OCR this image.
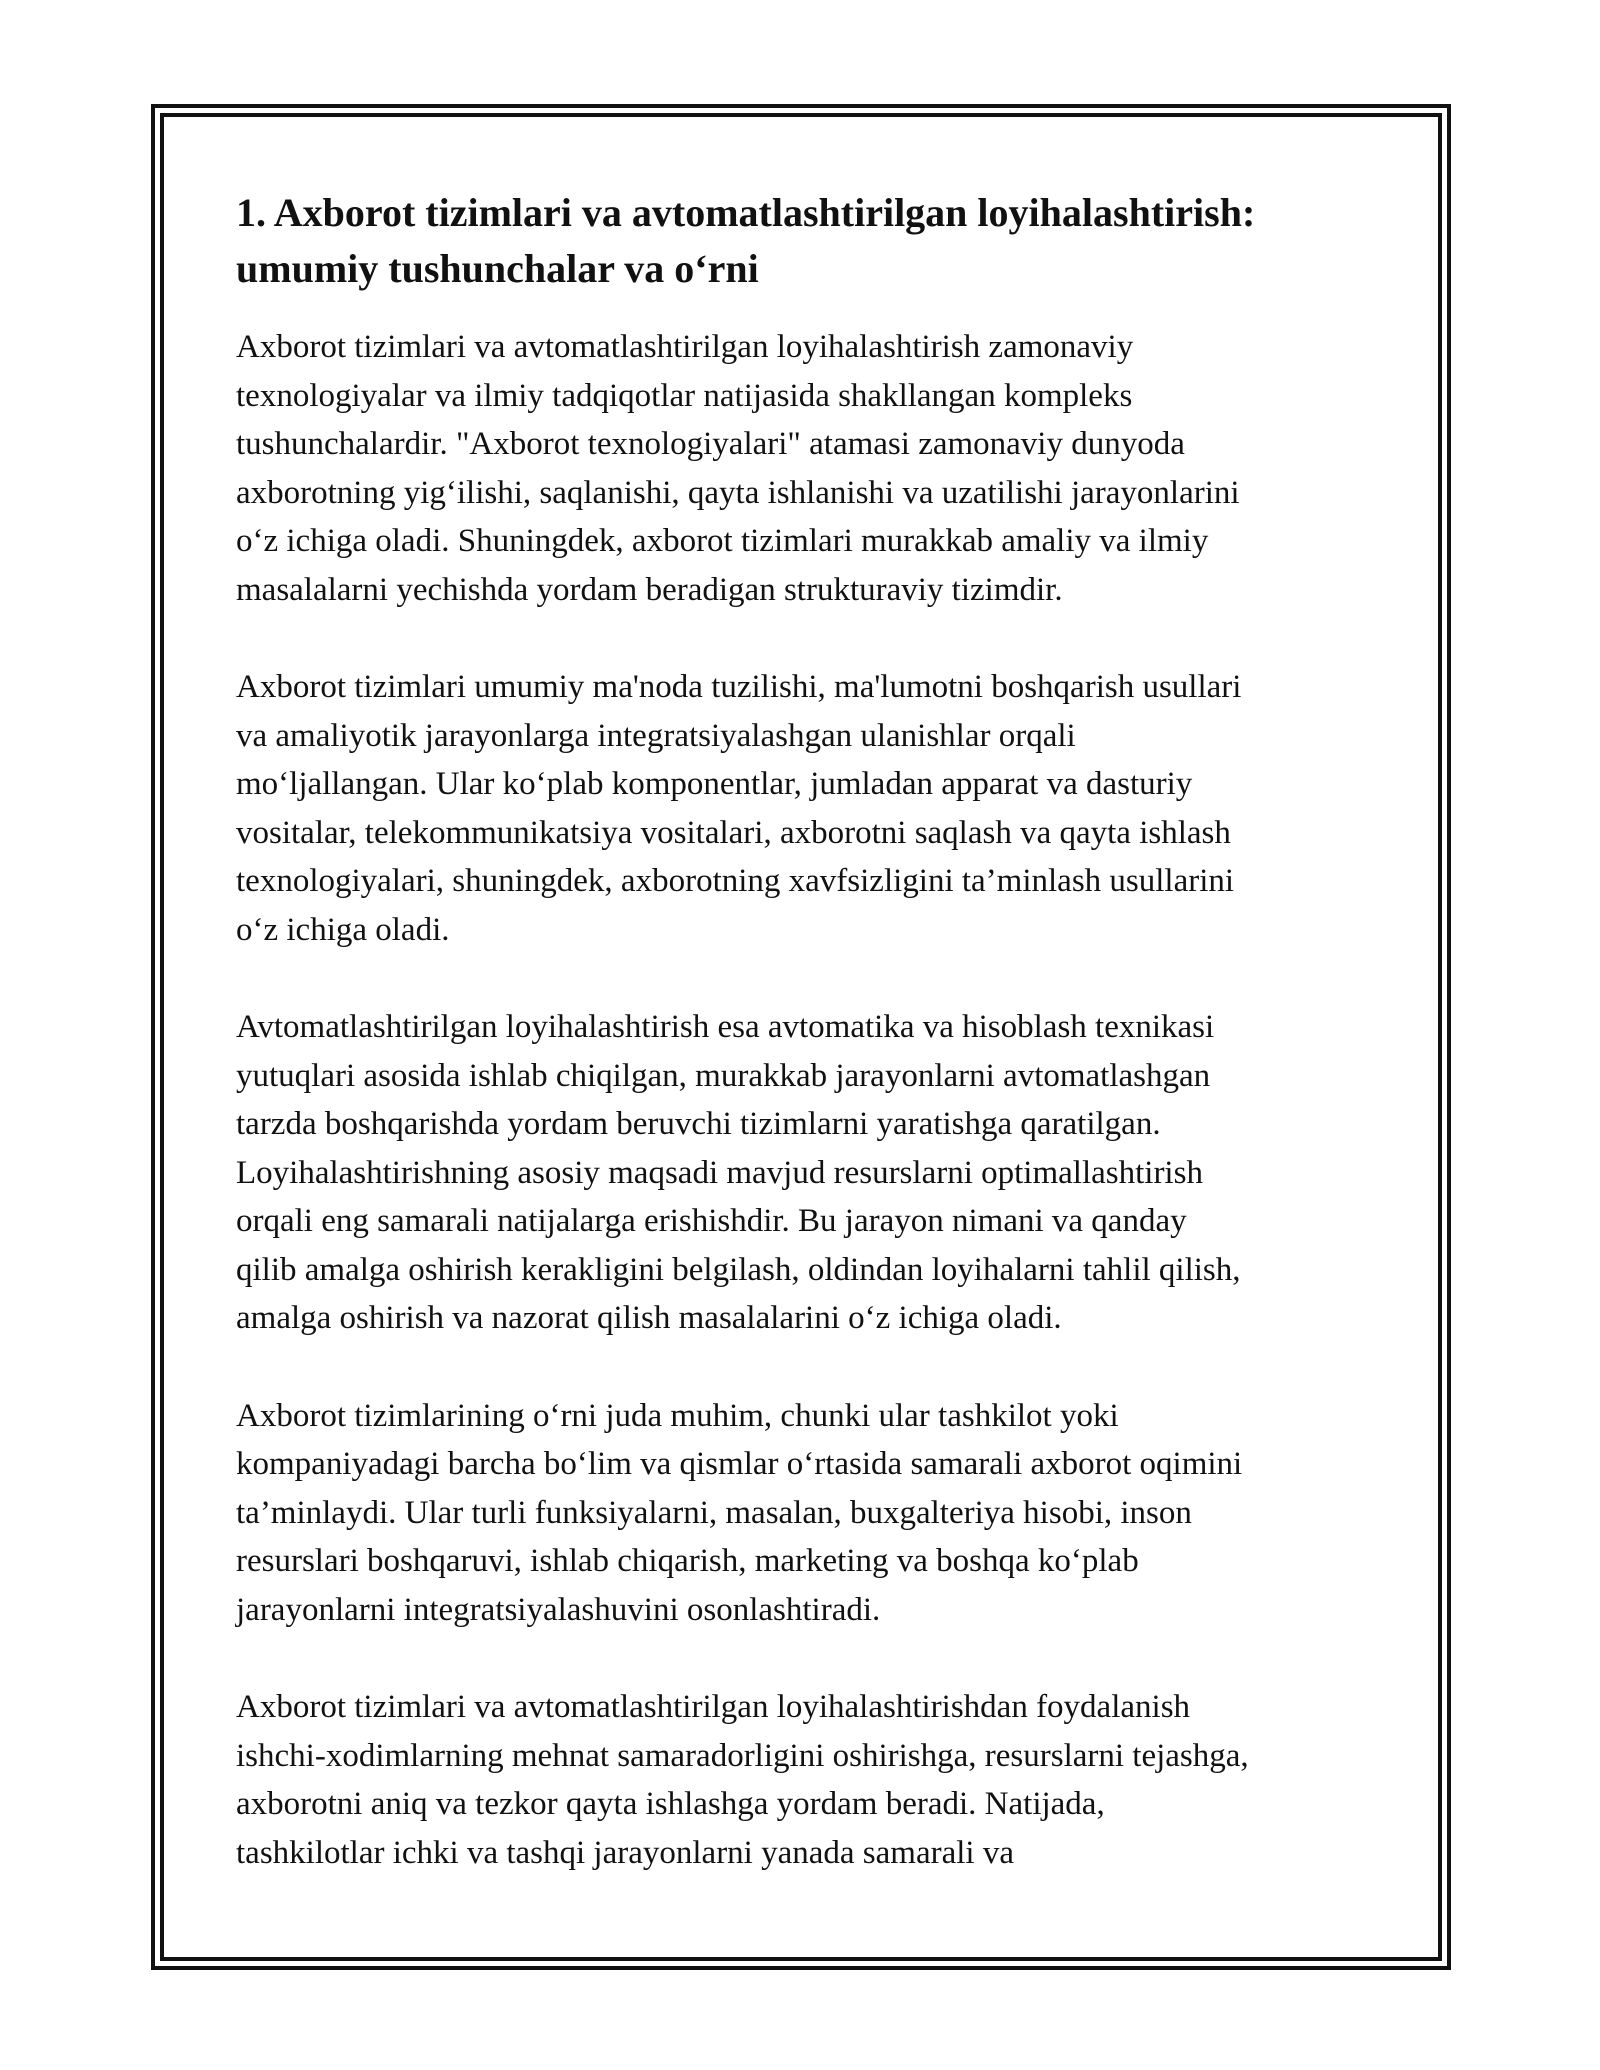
1. Axborot tizimlari va avtomatlashtirilgan loyihalashtirish:
umumiy tushunchalar va o‘rni

Axborot tizimlari va avtomatlashtirilgan loyihalashtirish zamonaviy
texnologiyalar va ilmiy tadqiqotlar natijasida shakllangan kompleks
tushunchalardir. "Axborot texnologiyalari" atamasi zamonaviy dunyoda
axborotning yig‘ilishi, saqlanishi, qayta ishlanishi va uzatilishi jarayonlarini
o‘z ichiga oladi. Shuningdek, axborot tizimlari murakkab amaliy va ilmiy
masalalarni yechishda yordam beradigan strukturaviy tizimdir.

Axborot tizimlari umumiy ma'noda tuzilishi, ma'lumotni boshqarish usullari
va amaliyotik jarayonlarga integratsiyalashgan ulanishlar orqali
mo‘ljallangan. Ular ko‘plab komponentlar, jumladan apparat va dasturiy
vositalar, telekommunikatsiya vositalari, axborotni saqlash va qayta ishlash
texnologiyalari, shuningdek, axborotning xavfsizligini ta’minlash usullarini
o‘z ichiga oladi.

Avtomatlashtirilgan loyihalashtirish esa avtomatika va hisoblash texnikasi
yutuqlari asosida ishlab chiqilgan, murakkab jarayonlarni avtomatlashgan
tarzda boshqarishda yordam beruvchi tizimlarni yaratishga qaratilgan.
Loyihalashtirishning asosiy maqsadi mavjud resurslarni optimallashtirish
orqali eng samarali natijalarga erishishdir. Bu jarayon nimani va qanday
qilib amalga oshirish kerakligini belgilash, oldindan loyihalarni tahlil qilish,
amalga oshirish va nazorat qilish masalalarini o‘z ichiga oladi.

Axborot tizimlarining o‘rni juda muhim, chunki ular tashkilot yoki
kompaniyadagi barcha bo‘lim va qismlar o‘rtasida samarali axborot oqimini
ta’minlaydi. Ular turli funksiyalarni, masalan, buxgalteriya hisobi, inson
resurslari boshqaruvi, ishlab chiqarish, marketing va boshqa ko‘plab
jarayonlarni integratsiyalashuvini osonlashtiradi.

Axborot tizimlari va avtomatlashtirilgan loyihalashtirishdan foydalanish
ishchi-xodimlarning mehnat samaradorligini oshirishga, resurslarni tejashga,
axborotni aniq va tezkor qayta ishlashga yordam beradi. Natijada,
tashkilotlar ichki va tashqi jarayonlarni yanada samarali va
